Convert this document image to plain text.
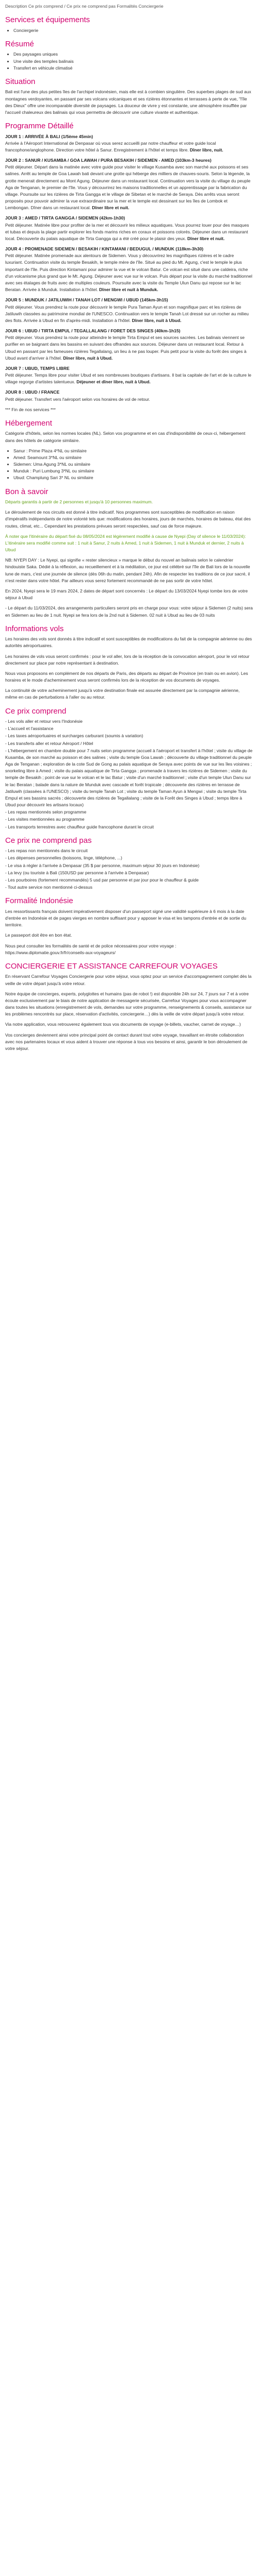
Description Ce prix comprend / Ce prix ne comprend pas Formalités Conciergerie

Services et équipements
• Conciergerie
Résumé
• Des paysages uniques
• Une visite des temples balinais
• Transfert en véhicule climatisé
Situation

Bali est l'une des plus petites îles de l'archipel indonésien, mais elle est à combien singulière. Des superbes plages de sud aux montagnes verdoyantes, en passant par ses volcans volcaniques et ses rizières étonnantes et terrasses à perte de vue, "l'île des Dieux" offre une incomparable diversité de paysages. La douceur de vivre y est constante, une atmosphère insufflée par l'accueil chaleureux des balinais qui vous permettra de découvrir une culture vivante et authentique.

Programme Détaillé
JOUR 1 : ARRIVÉE À BALI (1/5ème 45min)
Arrivée à l'Aéroport International de Denpasar où vous serez accueilli par notre chauffeur et votre guide local francophone/anglophone. Direction votre hôtel à Sanur. Enregistrement à l'hôtel et temps libre. Dîner libre, nuit.
JOUR 2 : SANUR / KUSAMBA / GOA LAWAH / PURA BESAKIH / SIDEMEN - AMED (103km-3 heures)
Petit déjeuner. Départ dans la matinée avec votre guide pour visiter le village Kusamba avec son marché aux poissons et ses salines. Arrêt au temple de Goa Lawah bati devant une grotte qui héberge des milliers de chauves-souris. Selon la légende, la grotte menerait directement au Mont Agung. Déjeuner dans un restaurant local. Continuation vers la visite du village du peuple Aga de Tenganan, le premier de l'île. Vous y découvrirez les maisons traditionnelles et un apprentissage par la fabrication du village. Poursuite sur les rizières de Tirta Gangga et le village de Sibetan et le marché de Seraya. Dès arrêts vous seront proposés pour pouvoir admirer la vue extraordinaire sur la mer et le temple est dessinant sur les îles de Lombok et Lembongan. Dîner dans un restaurant local. Dîner libre et nuit.
JOUR 3 : AMED / TIRTA GANGGA / SIDEMEN (42km-1h30)
Petit déjeuner. Matinée libre pour profiter de la mer et découvrir les milieux aquatiques. Vous pourrez louer pour des masques et tubas et depuis la plage partir explorer les fonds marins riches en coraux et poissons colorés. Déjeuner dans un restaurant local. Découverte du palais aquatique de Tirta Gangga qui a été créé pour le plaisir des yeux. Dîner libre et nuit.
JOUR 4 : PROMENADE SIDEMEN / BESAKIH / KINTAMANI / BEDUGUL / MUNDUK (118km-3h30)
Petit déjeuner. Matinée promenade aux alentours de Sidemen. Vous y découvrirez les magnifiques rizières et le cadre luxuriant. Continuation visite du temple Besakih, le temple mère de l'île. Situé au pied du Mt. Agung, c'est le temple le plus important de l'île. Puis direction Kintamani pour admirer la vue et le volcan Batur. Ce volcan est situé dans une caldeira, riche d'un volcanisme plus grand que le Mt. Agung. Déjeuner avec vue sur le volcan. Puis départ pour la visite du marché traditionnel avec ses étalages de fruits avec de multiples couleurs. Poursuite avec la visite du Temple Ulun Danu qui repose sur le lac Beratan. Arrivée à Munduk. Installation à l'hôtel. Dîner libre et nuit à Munduk.
JOUR 5 : MUNDUK / JATILUWIH / TANAH LOT / MENGWI / UBUD (145km-3h15)
Petit déjeuner. Vous prendrez la route pour découvrir le temple Pura Taman Ayun et son magnifique parc et les rizières de Jatiluwih classées au patrimoine mondial de l'UNESCO. Continuation vers le temple Tanah Lot dressé sur un rocher au milieu des flots. Arrivée à Ubud en fin d'après-midi. Installation à l'hôtel. Dîner libre, nuit à Ubud.
JOUR 6 : UBUD / TIRTA EMPUL / TEGALLALANG / FORET DES SINGES (40km-1h15)
Petit déjeuner. Vous prendrez la route pour atteindre le temple Tirta Empul et ses sources sacrées. Les balinais viennent se purifier en se baignant dans les bassins en suivant des offrandes aux sources. Déjeuner dans un restaurant local. Retour à Ubud en passant par les fameuses rizières Tegallalang, un lieu à ne pas louper. Puis petit pour la visite du forêt des singes à Ubud avant d'arriver à l'hôtel. Dîner libre, nuit à Ubud.
JOUR 7 : UBUD, TEMPS LIBRE
Petit déjeuner. Temps libre pour visiter Ubud et ses nombreuses boutiques d'artisans. Il bat la capitale de l'art et de la culture le village regorge d'artistes talentueux. Déjeuner et dîner libre, nuit à Ubud.
JOUR 8 : UBUD / FRANCE
Petit déjeuner. Transfert vers l'aéroport selon vos horaires de vol de retour.

*** Fin de nos services ***

Hébergement

Catégorie d'hôtels, selon les normes locales (NL). Selon vos programme et en cas d'indisponibilité de ceux-ci, hébergement dans des hôtels de catégorie similaire.

• Sanur : Prime Plaza 4*NL ou similaire
• Amed: Seamount 3*NL ou similaire
• Sidemen: Uma Agung 3*NL ou similaire
• Munduk : Puri Lumbung 3*NL ou similaire
• Ubud: Champlung Sari 3* NL ou similaire
Bon à savoir

Départs garantis à partir de 2 personnes et jusqu'à 10 personnes maximum.

Le déroulement de nos circuits est donné à titre indicatif. Nos programmes sont susceptibles de modification en raison d'impératifs indépendants de notre volonté tels que: modifications des horaires, jours de marchés, horaires de bateau, état des routes, climat, etc... Cependant les prestations prévues seront respectées, sauf cas de force majeure.

À noter que l'itinéraire du départ fixé du 08/05/2024 est légèrement modifié à cause de Nyepi (Day of silence le 11/03/2024): L'itinéraire sera modifié comme suit : 1 nuit à Sanur, 2 nuits à Amed, 1 nuit à Sidemen, 1 nuit à Munduk et dernier, 2 nuits à Ubud

NB: NYEPI DAY : Le Nyepi, qui signifie « rester silencieux » marque le début du nouvel an balinais selon le calendrier hindouiste Saka. Dédié à la réflexion, au recueillement et à la méditation, ce jour est célébré sur l'île de Bali lors de la nouvelle lune de mars, c'est une journée de silence (dès 06h du matin, pendant 24h). Afin de respecter les traditions de ce jour sacré, il n'est rester dans votre hôtel. Par ailleurs vous serez fortement recommandé de ne pas sortir de votre hôtel.

En 2024, Nyepi sera le 19 mars 2024, 2 dates de départ sont concernés : Le départ du 13/03/2024 Nyepi tombe lors de votre séjour à Ubud

- Le départ du 11/03/2024, des arrangements particuliers seront pris en charge pour vous: votre séjour à Sidemen (2 nuits) sera en Sidemen au lieu de 1 nuit. Nyepi se fera lors de la 2nd nuit à Sidemen. 02 nuit à Ubud au lieu de 03 nuits

Informations vols

Les horaires des vols sont donnés à titre indicatif et sont susceptibles de modifications du fait de la compagnie aérienne ou des autorités aéroportuaires.

Les horaires de vols vous seront confirmés : pour le vol aller, lors de la réception de la convocation aéroport, pour le vol retour directement sur place par notre représentant à destination.

Nous vous proposons en complément de nos départs de Paris, des départs au départ de Province (en train ou en avion). Les horaires et le mode d'acheminement vous seront confirmés lors de la réception de vos documents de voyages.

La continuité de votre acheminement jusqu'à votre destination finale est assurée directement par la compagnie aérienne, même en cas de perturbations à l'aller ou au retour.

Ce prix comprend

- Les vols aller et retour vers l'Indonésie

- L'accueil et l'assistance

- Les taxes aéroportuaires et surcharges carburant (soumis à variation)

- Les transferts aller et retour Aéroport / Hôtel

- L'hébergement en chambre double pour 7 nuits selon programme (accueil à l'aéroport et transfert à l'hôtel ; visite du village de Kusamba, de son marché au poisson et des salines ; visite du temple Goa Lawah ; découverte du village traditionnel du peuple Aga de Tenganan ; exploration de la cote Sud de Gong au palais aquatique de Seraya avec points de vue sur les îles voisines ; snorkeling libre à Amed ; visite du palais aquatique de Tirta Gangga ; promenade à travers les rizières de Sidemen ; visite du temple de Besakih ; point de vue sur le volcan et le lac Batur ; visite d'un marché traditionnel ; visite d'un temple Ulun Danu sur le lac Beratan ; balade dans la nature de Munduk avec cascade et forêt tropicale ; découverte des rizières en terrasse de Jatiluwih (classées à l'UNESCO) ; visite du temple Tanah Lot ; visite du temple Taman Ayun à Mengwi ; visite du temple Tirta Empul et ses bassins sacrés ; découverte des rizières de Tegallalang ; visite de la Forêt des Singes à Ubud ; temps libre à Ubud pour découvrir les artisans locaux)

- Les repas mentionnés selon programme

- Les visites mentionnées au programme

- Les transports terrestres avec chauffeur guide francophone durant le circuit

Ce prix ne comprend pas

- Les repas non mentionnés dans le circuit

- Les dépenses personnelles (boissons, linge, téléphone, ...)

- Le visa à régler à l'arrivée à Denpasar (35 $ par personne, maximum séjour 30 jours en Indonésie)

- La levy (ou touriste à Bali (150USD par personne à l'arrivée à Denpasar)

- Les pourboires (fortement recommandés) 5 usd par personne et par jour pour le chauffeur & guide

- Tout autre service non mentionné ci-dessus

Formalité Indonésie

Les ressortissants français doivent impérativement disposer d'un passeport signé une validité supérieure à 6 mois à la date d'entrée en Indonésie et de pages vierges en nombre suffisant pour y apposer le visa et les tampons d'entrée et de sortie du territoire.

Le passeport doit être en bon état.

Nous peut consulter les formalités de santé et de police nécessaires pour votre voyage : https://www.diplomatie.gouv.fr/fr/conseils-aux-voyageurs/

CONCIERGERIE ET ASSISTANCE CARREFOUR VOYAGES

En réservant Carrefour Voyages Conciergerie pour votre séjour, vous optez pour un service d'accompagnement complet dès la veille de votre départ jusqu'à votre retour.

Notre équipe de concierges, experts, polyglottes et humains (pas de robot !) est disponible 24h sur 24, 7 jours sur 7 et à votre écoute exclusivement par le biais de notre application de messagerie sécurisée, Carrefour Voyages pour vous accompagner dans toutes les situations (enregistrement de vols, demandes sur votre programme, renseignements & conseils, assistance sur les problèmes rencontrés sur place, réservation d'activités, conciergerie…) dès la veille de votre départ jusqu'à votre retour.

Via notre application, vous retrouverez également tous vos documents de voyage (e-billets, vaucher, carnet de voyage…)

Vos concierges deviennent ainsi votre principal point de contact durant tout votre voyage, travaillant en étroite collaboration avec nos partenaires locaux et vous aident à trouver une réponse à tous vos besoins et ainsi, garantir le bon déroulement de votre séjour.
